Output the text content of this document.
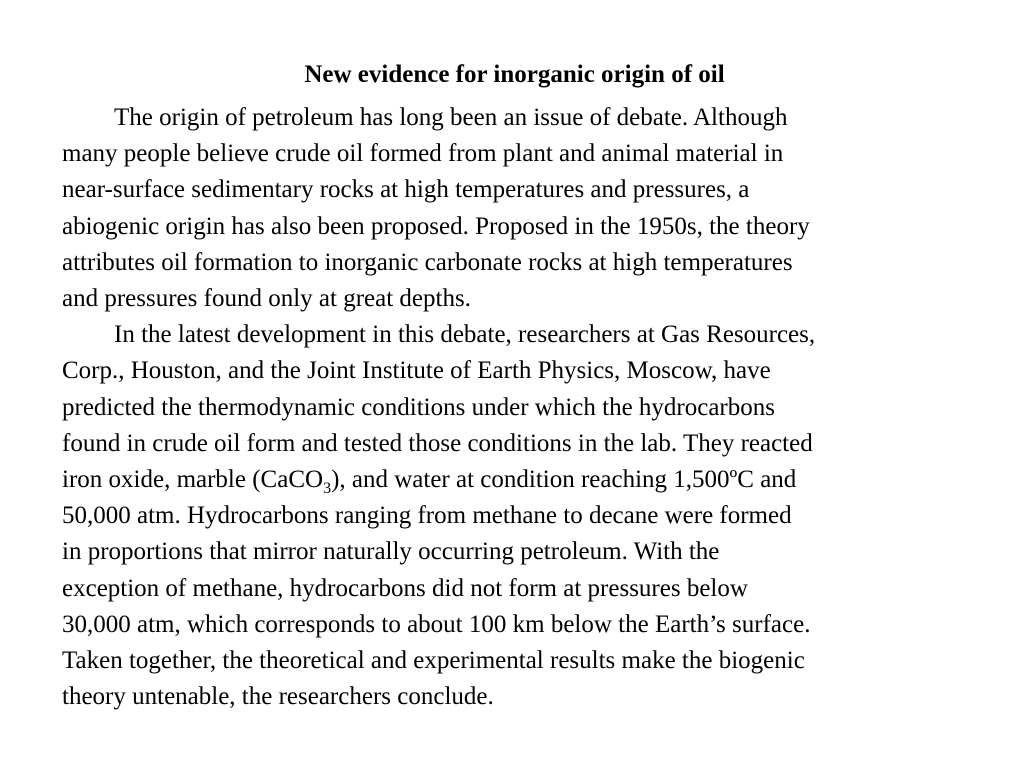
New evidence for inorganic origin of oil

The origin of petroleum has long been an issue of debate. Although
many people believe crude oil formed from plant and animal material in
near-surface sedimentary rocks at high temperatures and pressures, a
abiogenic origin has also been proposed. Proposed in the 1950s, the theory
attributes oil formation to inorganic carbonate rocks at high temperatures
and pressures found only at great depths.

In the latest development in this debate, researchers at Gas Resources,
Corp., Houston, and the Joint Institute of Earth Physics, Moscow, have
predicted the thermodynamic conditions under which the hydrocarbons
found in crude oil form and tested those conditions in the lab. They reacted
iron oxide, marble (CaCO$_3$), and water at condition reaching 1,500ºC and
50,000 atm. Hydrocarbons ranging from methane to decane were formed
in proportions that mirror naturally occurring petroleum. With the
exception of methane, hydrocarbons did not form at pressures below
30,000 atm, which corresponds to about 100 km below the Earth’s surface.
Taken together, the theoretical and experimental results make the biogenic
theory untenable, the researchers conclude.
